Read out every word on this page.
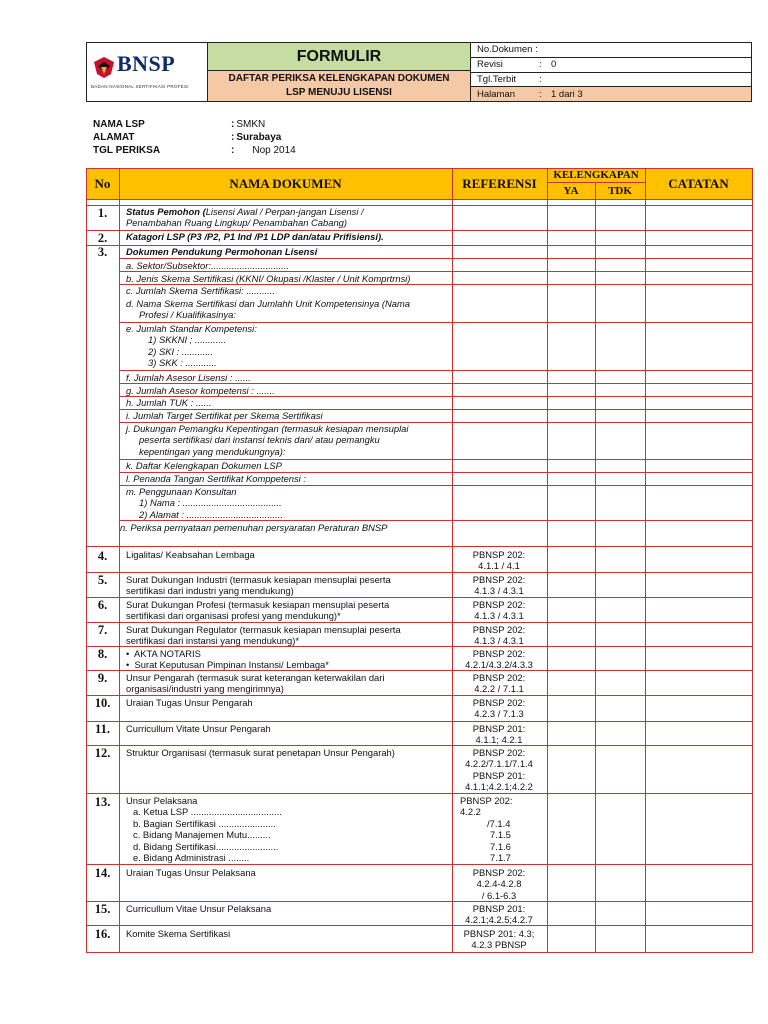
BNSP
BADAN NASIONAL SERTIFIKASI PROFESI
FORMULIR
DAFTAR PERIKSA KELENGKAPAN DOKUMEN
LSP MENUJU LISENSI
No.Dokumen :
Revisi	: 0
Tgl.Terbit	:
Halaman	: 1 dari 3
NAMA LSP	: SMKN
ALAMAT	: Surabaya
TGL PERIKSA	: Nop 2014
No	NAMA DOKUMEN	REFERENSI
KELENGKAPAN
YA	TDK	CATATAN
1.	Status Pemohon (Lisensi Awal / Perpan-jangan Lisensi /
Penambahan Ruang Lingkup/ Penambahan Cabang)
2.	Katagori LSP (P3 /P2, P1 Ind /P1 LDP dan/atau Prifisiensi).
3.	Dokumen Pendukung Permohonan Lisensi
a. Sektor/Subsektor:..............................
b. Jenis Skema Sertifikasi (KKNI/ Okupasi /Klaster / Unit Komprtrnsi)
c. Jumlah Skema Sertifikasi: ...........
d. Nama Skema Sertifikasi dan Jumlahh Unit Kompetensinya (Nama
Profesi / Kualifikasinya:
e. Jumlah Standar Kompetensi:
1) SKKNI ; ............
2) SKI : ............
3) SKK : ............
f. Jumlah Asesor Lisensi : ......
g. Jumlah Asesor kompetensi : .......
h. Jumlah TUK : ......
i. Jumlah Target Sertifikat per Skema Sertifikasi
j. Dukungan Pemangku Kepentingan (termasuk kesiapan mensuplai
peserta sertifikasi dari instansi teknis dan/ atau pemangku
kepentingan yang mendukungnya):
k. Daftar Kelengkapan Dokumen LSP
l. Penanda Tangan Sertifikat Komppetensi :
m. Penggunaan Konsultan
1) Nama : ......................................
2) Alamat : .....................................
n. Periksa pernyataan pemenuhan persyaratan Peraturan BNSP
4.	Ligalitas/ Keabsahan Lembaga	PBNSP 202:
4.1.1 / 4.1
5.	Surat Dukungan Industri (termasuk kesiapan mensuplai peserta
sertifikasi dari industri yang mendukung)
PBNSP 202:
4.1.3 / 4.3.1
6.	Surat Dukungan Profesi (termasuk kesiapan mensuplai peserta
sertifikasi dari organisasi profesi yang mendukung)*
PBNSP 202:
4.1.3 / 4.3.1
7.	Surat Dukungan Regulator (termasuk kesiapan mensuplai peserta
sertifikasi dari instansi yang mendukung)*
PBNSP 202:
4.1.3 / 4.3.1
8.	• AKTA NOTARIS
• Surat Keputusan Pimpinan Instansi/ Lembaga*
PBNSP 202:
4.2.1/4.3.2/4.3.3
9.	Unsur Pengarah (termasuk surat keterangan keterwakilan dari
organisasi/industri yang mengirimnya)
PBNSP 202:
4.2.2 / 7.1.1
10.	Uraian Tugas Unsur Pengarah	PBNSP 202:
4.2.3 / 7.1.3
11.	Curricullum Vitate Unsur Pengarah	PBNSP 201:
4.1.1; 4.2.1
12.	Struktur Organisasi (termasuk surat penetapan Unsur Pengarah)	PBNSP 202:
4.2.2/7.1.1/7.1.4
PBNSP 201:
4.1.1;4.2.1;4.2.2
13.	Unsur Pelaksana
a. Ketua LSP ...................................
b. Bagian Sertifikasi ......................
c. Bidang Manajemen Mutu.........
d. Bidang Sertifikasi........................
e. Bidang Administrasi ........
PBNSP 202:
4.2.2
/7.1.4
7.1.5
7.1.6
7.1.7
14.	Uraian Tugas Unsur Pelaksana	PBNSP 202:
4.2.4-4.2.8
/ 6.1-6.3
15.	Curricullum Vitae Unsur Pelaksana	PBNSP 201:
4.2.1;4.2.5;4.2.7
16.	Komite Skema Sertifikasi	PBNSP 201: 4.3;
4.2.3 PBNSP
